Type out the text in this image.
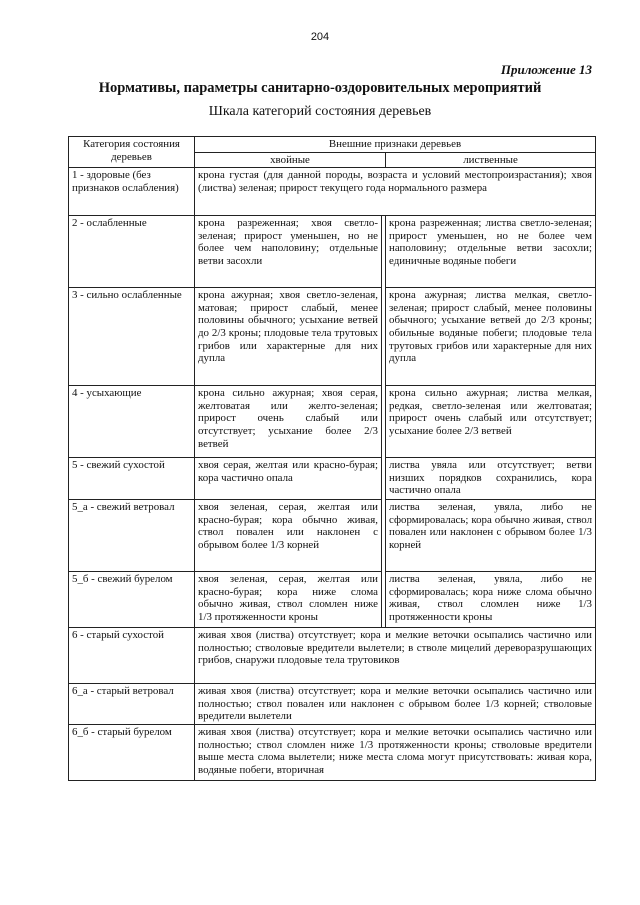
204
Приложение 13
Нормативы, параметры санитарно-оздоровительных мероприятий
Шкала категорий состояния деревьев
Категория состояния деревьев	Внешние признаки деревьев		
	хвойные		лиственные
1 - здоровые (без признаков ослабления)	крона густая (для данной породы, возраста и условий местопроизрастания); хвоя (листва) зеленая; прирост текущего года нормального размера		
2 - ослабленные	крона разреженная; хвоя светло-зеленая; прирост уменьшен, но не более чем наполовину; отдельные ветви засохли		крона разреженная; листва светло-зеленая; прирост уменьшен, но не более чем наполовину; отдельные ветви засохли; единичные водяные побеги
3 - сильно ослабленные	крона ажурная; хвоя светло-зеленая, матовая; прирост слабый, менее половины обычного; усыхание ветвей до 2/3 кроны; плодовые тела трутовых грибов или характерные для них дупла		крона ажурная; листва мелкая, светло-зеленая; прирост слабый, менее половины обычного; усыхание ветвей до 2/3 кроны; обильные водяные побеги; плодовые тела трутовых грибов или характерные для них дупла
4 - усыхающие	крона сильно ажурная; хвоя серая, желтоватая или желто-зеленая; прирост очень слабый или отсутствует; усыхание более 2/3 ветвей		крона сильно ажурная; листва мелкая, редкая, светло-зеленая или желтоватая; прирост очень слабый или отсутствует; усыхание более 2/3 ветвей
5 - свежий сухостой	хвоя серая, желтая или красно-бурая; кора частично опала		листва увяла или отсутствует; ветви низших порядков сохранились, кора частично опала
5_а - свежий ветровал	хвоя зеленая, серая, желтая или красно-бурая; кора обычно живая, ствол повален или наклонен с обрывом более 1/3 корней		листва зеленая, увяла, либо не сформировалась; кора обычно живая, ствол повален или наклонен с обрывом более 1/3 корней
5_б - свежий бурелом	хвоя зеленая, серая, желтая или красно-бурая; кора ниже слома обычно живая, ствол сломлен ниже 1/3 протяженности кроны		листва зеленая, увяла, либо не сформировалась; кора ниже слома обычно живая, ствол сломлен ниже 1/3 протяженности кроны
6 - старый сухостой	живая хвоя (листва) отсутствует; кора и мелкие веточки осыпались частично или полностью; стволовые вредители вылетели; в стволе мицелий дереворазрушающих грибов, снаружи плодовые тела трутовиков		
6_а - старый ветровал	живая хвоя (листва) отсутствует; кора и мелкие веточки осыпались частично или полностью; ствол повален или наклонен с обрывом более 1/3 корней; стволовые вредители вылетели		
6_б - старый бурелом	живая хвоя (листва) отсутствует; кора и мелкие веточки осыпались частично или полностью; ствол сломлен ниже 1/3 протяженности кроны; стволовые вредители выше места слома вылетели; ниже места слома могут присутствовать: живая кора, водяные побеги, вторичная		
